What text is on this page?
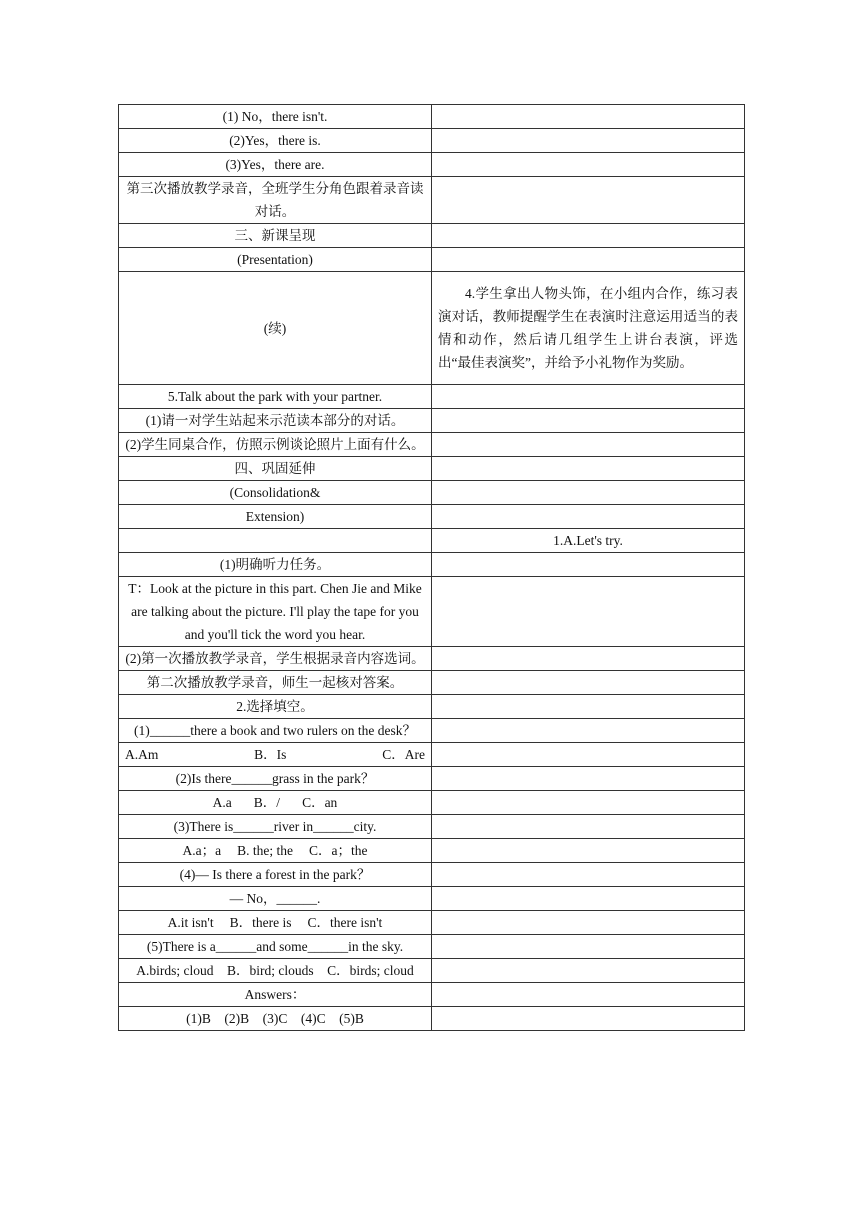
(1) No，there isn't.	
(2)Yes，there is.	
(3)Yes，there are.	
第三次播放教学录音，全班学生分角色跟着录音读对话。	
三、新课呈现	
(Presentation)	
(续)	4.学生拿出人物头饰，在小组内合作，练习表演对话，教师提醒学生在表演时注意运用适当的表情和动作，然后请几组学生上讲台表演，评选出“最佳表演奖”，并给予小礼物作为奖励。
5.Talk about the park with your partner.	
(1)请一对学生站起来示范读本部分的对话。	
(2)学生同桌合作，仿照示例谈论照片上面有什么。	
四、巩固延伸	
(Consolidation&	
Extension)	
	1.A.Let's try.
(1)明确听力任务。	
T：Look at the picture in this part. Chen Jie and Mike are talking about the picture. I'll play the tape for you and you'll tick the word you hear.	
(2)第一次播放教学录音，学生根据录音内容选词。	
第二次播放教学录音，师生一起核对答案。	
2.选择填空。	
(1)______there a book and two rulers on the desk？	

A.Am B．Is C．Are	

(2)Is there______grass in the park？	

A.a B．/ C．an	

(3)There is______river in______city.	

A.a；a B. the; the C．a；the	

(4)— Is there a forest in the park？	
— No，______.	

A.it isn't B．there is C．there isn't	

(5)There is a______and some______in the sky.	
A.birds; cloud　B．bird; clouds　C．birds; cloud	
Answers：	
(1)B　(2)B　(3)C　(4)C　(5)B	
